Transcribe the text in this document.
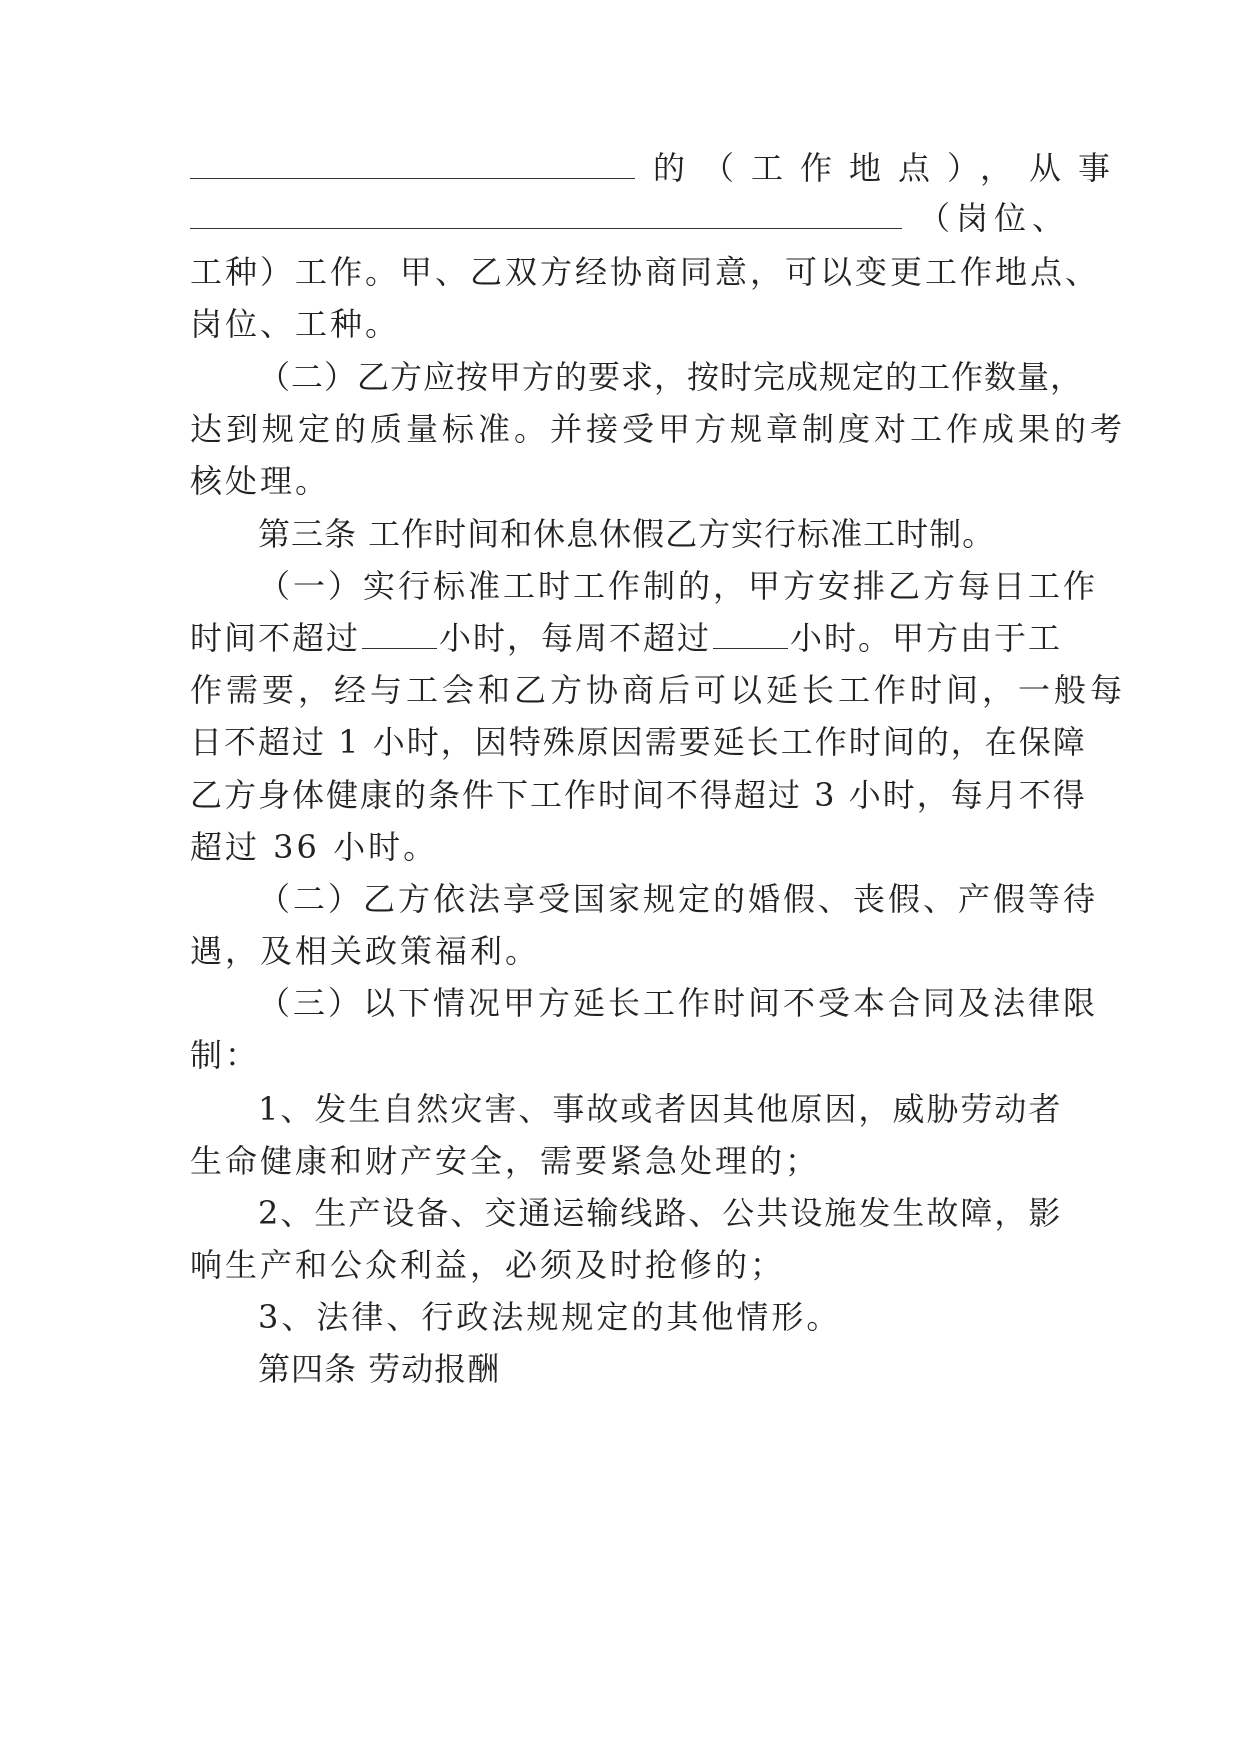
的（工作地点），从事
（岗位、
工种）工作。甲、乙双方经协商同意，可以变更工作地点、
岗位、工种。
（二）乙方应按甲方的要求，按时完成规定的工作数量，
达到规定的质量标准。并接受甲方规章制度对工作成果的考
核处理。
第三条 工作时间和休息休假乙方实行标准工时制。
（一）实行标准工时工作制的，甲方安排乙方每日工作
时间不超过 小时，每周不超过 小时。甲方由于工
作需要，经与工会和乙方协商后可以延长工作时间，一般每
日不超过 1 小时，因特殊原因需要延长工作时间的，在保障
乙方身体健康的条件下工作时间不得超过 3 小时，每月不得
超过 36 小时。
（二）乙方依法享受国家规定的婚假、丧假、产假等待
遇，及相关政策福利。
（三）以下情况甲方延长工作时间不受本合同及法律限
制：
1、发生自然灾害、事故或者因其他原因，威胁劳动者
生命健康和财产安全，需要紧急处理的；
2、生产设备、交通运输线路、公共设施发生故障，影
响生产和公众利益，必须及时抢修的；
3、法律、行政法规规定的其他情形。
第四条 劳动报酬
